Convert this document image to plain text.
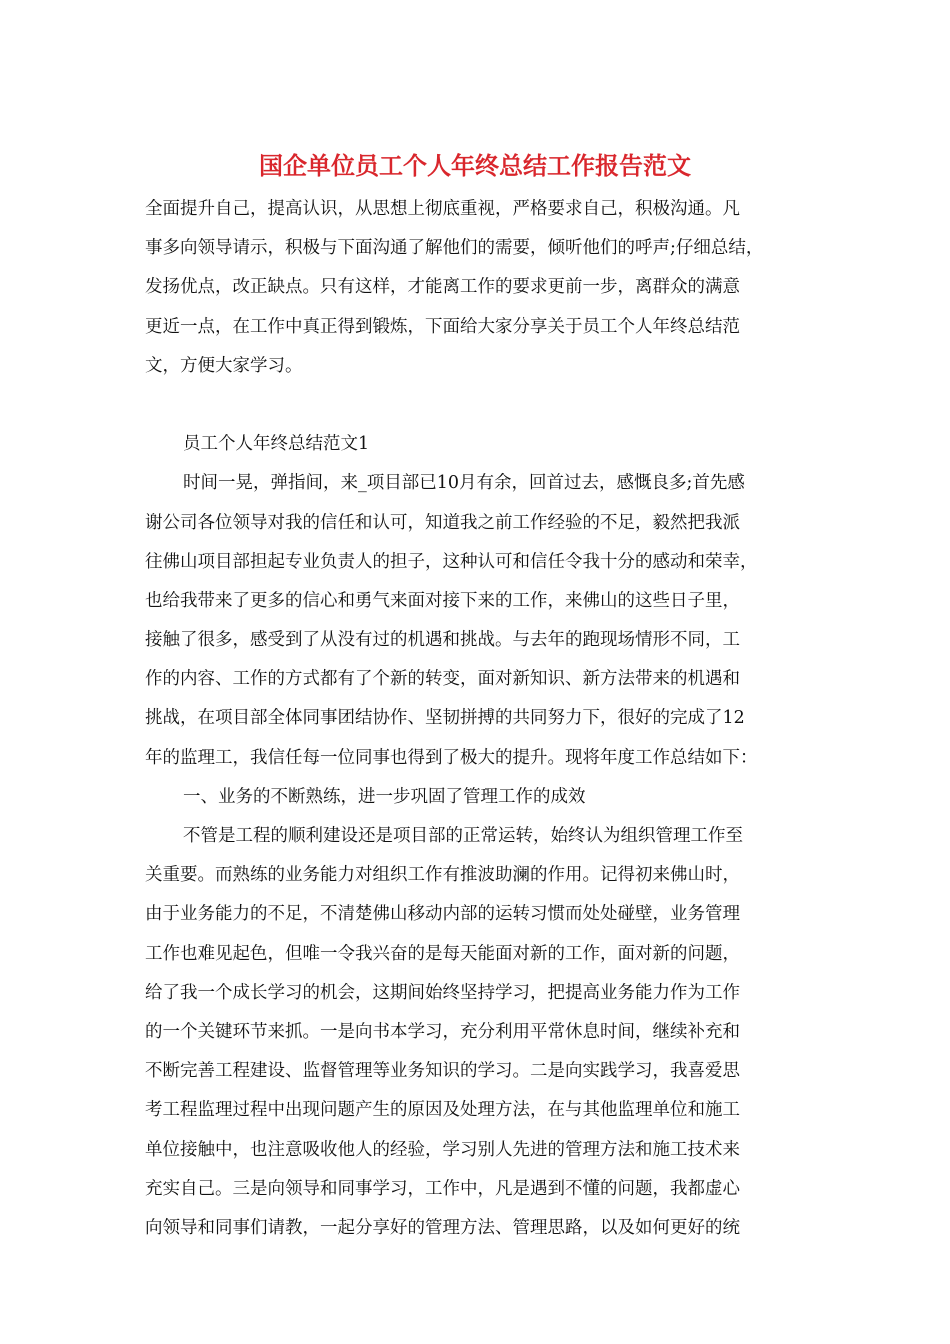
国企单位员工个人年终总结工作报告范文
全面提升自己，提高认识，从思想上彻底重视，严格要求自己，积极沟通。凡
事多向领导请示，积极与下面沟通了解他们的需要，倾听他们的呼声;仔细总结，
发扬优点，改正缺点。只有这样，才能离工作的要求更前一步，离群众的满意
更近一点，在工作中真正得到锻炼，下面给大家分享关于员工个人年终总结范
文，方便大家学习。
员工个人年终总结范文1
时间一晃，弹指间，来_项目部已10月有余，回首过去，感慨良多;首先感
谢公司各位领导对我的信任和认可，知道我之前工作经验的不足，毅然把我派
往佛山项目部担起专业负责人的担子，这种认可和信任令我十分的感动和荣幸，
也给我带来了更多的信心和勇气来面对接下来的工作，来佛山的这些日子里，
接触了很多，感受到了从没有过的机遇和挑战。与去年的跑现场情形不同，工
作的内容、工作的方式都有了个新的转变，面对新知识、新方法带来的机遇和
挑战，在项目部全体同事团结协作、坚韧拼搏的共同努力下，很好的完成了12
年的监理工，我信任每一位同事也得到了极大的提升。现将年度工作总结如下：
一、业务的不断熟练，进一步巩固了管理工作的成效
不管是工程的顺利建设还是项目部的正常运转，始终认为组织管理工作至
关重要。而熟练的业务能力对组织工作有推波助澜的作用。记得初来佛山时，
由于业务能力的不足，不清楚佛山移动内部的运转习惯而处处碰壁，业务管理
工作也难见起色，但唯一令我兴奋的是每天能面对新的工作，面对新的问题，
给了我一个成长学习的机会，这期间始终坚持学习，把提高业务能力作为工作
的一个关键环节来抓。一是向书本学习，充分利用平常休息时间，继续补充和
不断完善工程建设、监督管理等业务知识的学习。二是向实践学习，我喜爱思
考工程监理过程中出现问题产生的原因及处理方法，在与其他监理单位和施工
单位接触中，也注意吸收他人的经验，学习别人先进的管理方法和施工技术来
充实自己。三是向领导和同事学习，工作中，凡是遇到不懂的问题，我都虚心
向领导和同事们请教，一起分享好的管理方法、管理思路，以及如何更好的统
